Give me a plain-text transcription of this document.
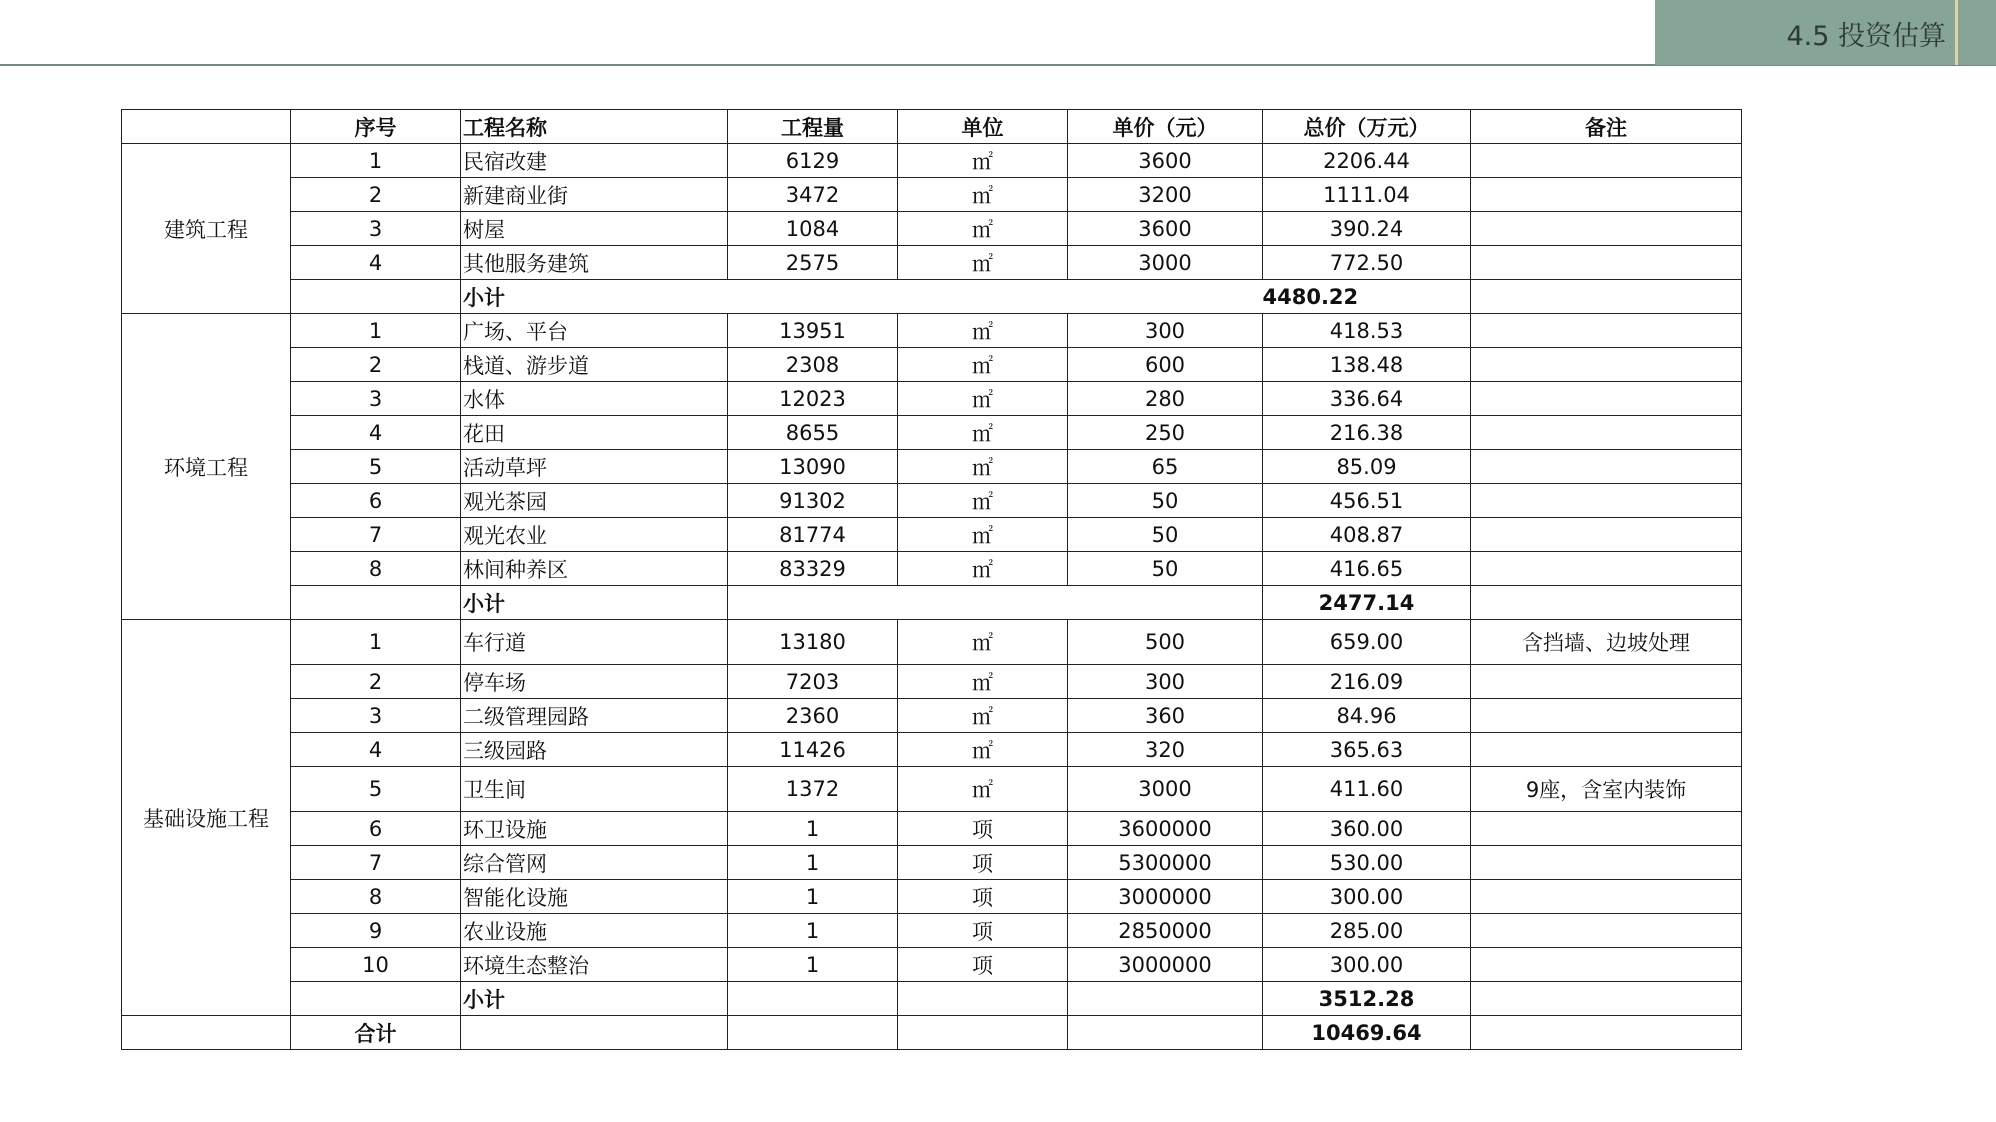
4.5 投资估算
	序号	工程名称	工程量	单位	单价（元）	总价（万元）	备注
建筑工程	1	民宿改建	6129	㎡	3600	2206.44	
	2	新建商业街	3472	㎡	3200	1111.04	
	3	树屋	1084	㎡	3600	390.24	
	4	其他服务建筑	2575	㎡	3000	772.50	
		小计				4480.22	
环境工程	1	广场、平台	13951	㎡	300	418.53	
	2	栈道、游步道	2308	㎡	600	138.48	
	3	水体	12023	㎡	280	336.64	
	4	花田	8655	㎡	250	216.38	
	5	活动草坪	13090	㎡	65	85.09	
	6	观光茶园	91302	㎡	50	456.51	
	7	观光农业	81774	㎡	50	408.87	
	8	林间种养区	83329	㎡	50	416.65	
		小计				2477.14	
基础设施工程	1	车行道	13180	㎡	500	659.00	含挡墙、边坡处理
	2	停车场	7203	㎡	300	216.09	
	3	二级管理园路	2360	㎡	360	84.96	
	4	三级园路	11426	㎡	320	365.63	
	5	卫生间	1372	㎡	3000	411.60	9座，含室内装饰
	6	环卫设施	1	项	3600000	360.00	
	7	综合管网	1	项	5300000	530.00	
	8	智能化设施	1	项	3000000	300.00	
	9	农业设施	1	项	2850000	285.00	
	10	环境生态整治	1	项	3000000	300.00	
		小计				3512.28	
	合计					10469.64	
